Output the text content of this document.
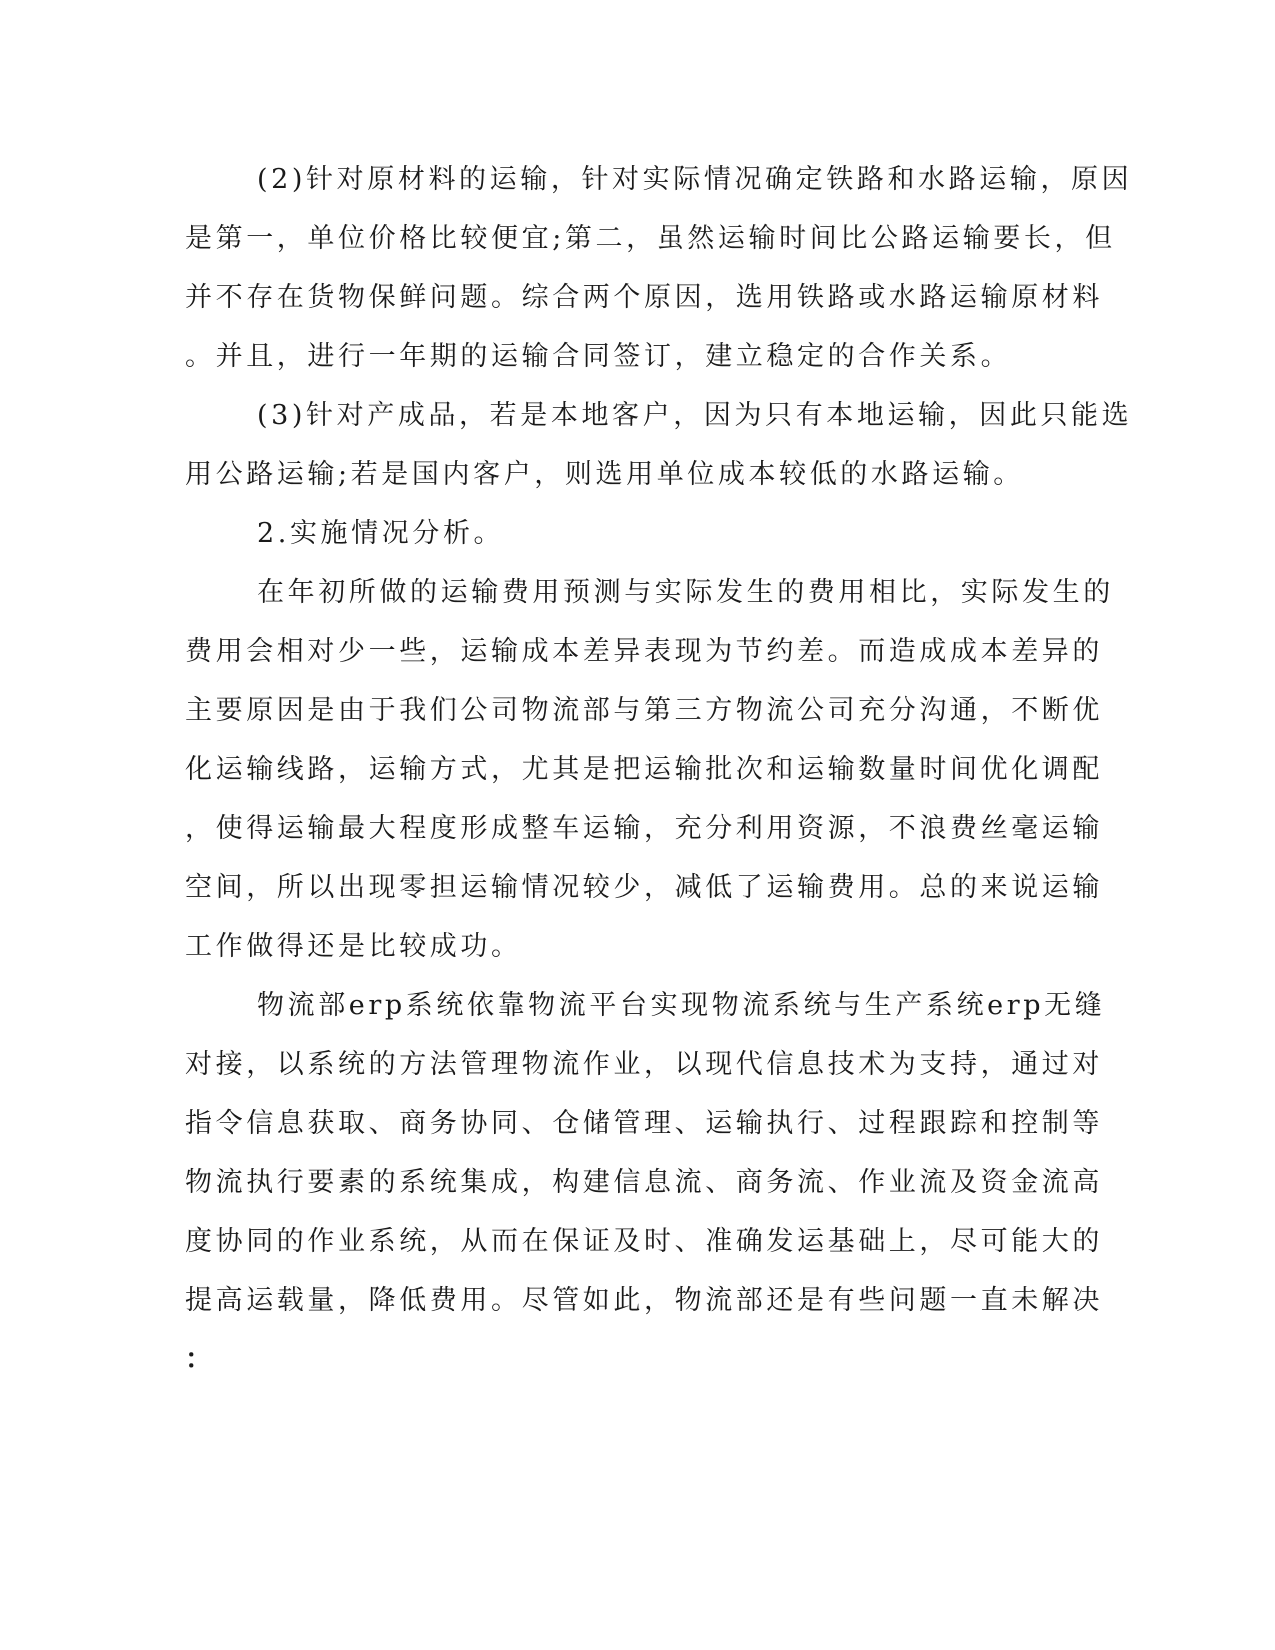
(2)针对原材料的运输，针对实际情况确定铁路和水路运输，原因
是第一，单位价格比较便宜;第二，虽然运输时间比公路运输要长，但
并不存在货物保鲜问题。综合两个原因，选用铁路或水路运输原材料
。并且，进行一年期的运输合同签订，建立稳定的合作关系。
(3)针对产成品，若是本地客户，因为只有本地运输，因此只能选
用公路运输;若是国内客户，则选用单位成本较低的水路运输。
2.实施情况分析。
在年初所做的运输费用预测与实际发生的费用相比，实际发生的
费用会相对少一些，运输成本差异表现为节约差。而造成成本差异的
主要原因是由于我们公司物流部与第三方物流公司充分沟通，不断优
化运输线路，运输方式，尤其是把运输批次和运输数量时间优化调配
，使得运输最大程度形成整车运输，充分利用资源，不浪费丝毫运输
空间，所以出现零担运输情况较少，减低了运输费用。总的来说运输
工作做得还是比较成功。
物流部erp系统依靠物流平台实现物流系统与生产系统erp无缝
对接，以系统的方法管理物流作业，以现代信息技术为支持，通过对
指令信息获取、商务协同、仓储管理、运输执行、过程跟踪和控制等
物流执行要素的系统集成，构建信息流、商务流、作业流及资金流高
度协同的作业系统，从而在保证及时、准确发运基础上，尽可能大的
提高运载量，降低费用。尽管如此，物流部还是有些问题一直未解决
：
